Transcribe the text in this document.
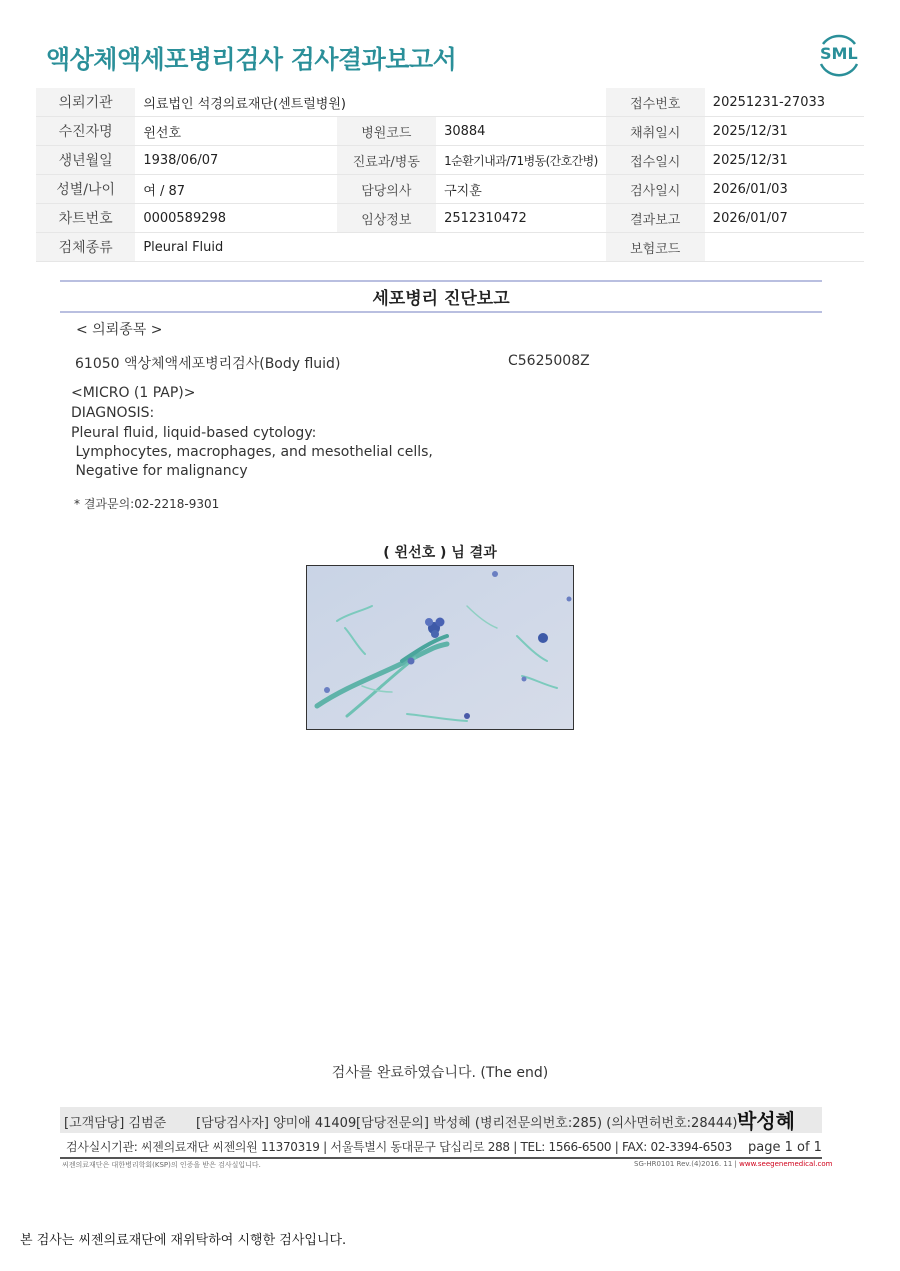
액상체액세포병리검사 검사결과보고서	SML
의뢰기관	의료법인 석경의료재단(센트럴병원)			접수번호	20251231-27033
수진자명	윈선호	병원코드	30884	채취일시	2025/12/31
생년월일	1938/06/07	진료과/병동	1순환기내과/71병동(간호간병)	접수일시	2025/12/31
성별/나이	여 / 87	담당의사	구지훈	검사일시	2026/01/03
차트번호	0000589298	임상정보	2512310472	결과보고	2026/01/07
검체종류	Pleural Fluid			보험코드	
세포병리 진단보고
< 의뢰종목 >
61050 액상체액세포병리검사(Body fluid)	C5625008Z
<MICRO (1 PAP)>
DIAGNOSIS:
Pleural fluid, liquid-based cytology:
Lymphocytes, macrophages, and mesothelial cells,
Negative for malignancy
* 결과문의:02-2218-9301
( 윈선호 ) 님 결과
검사를 완료하였습니다. (The end)
[고객담당] 김범준 [담당검사자] 양미애 41409 [담당전문의] 박성혜 (병리전문의번호:285) (의사면허번호:28444) 박성혜
검사실시기관: 씨젠의료재단 씨젠의원 11370319 | 서울특별시 동대문구 답십리로 288 | TEL: 1566-6500 | FAX: 02-3394-6503 page 1 of 1
씨젠의료재단은 대한병리학회(KSP)의 인증을 받은 검사실입니다.	SG-HR0101 Rev.(4)2016. 11 | www.seegenemedical.com
본 검사는 씨젠의료재단에 재위탁하여 시행한 검사입니다.
